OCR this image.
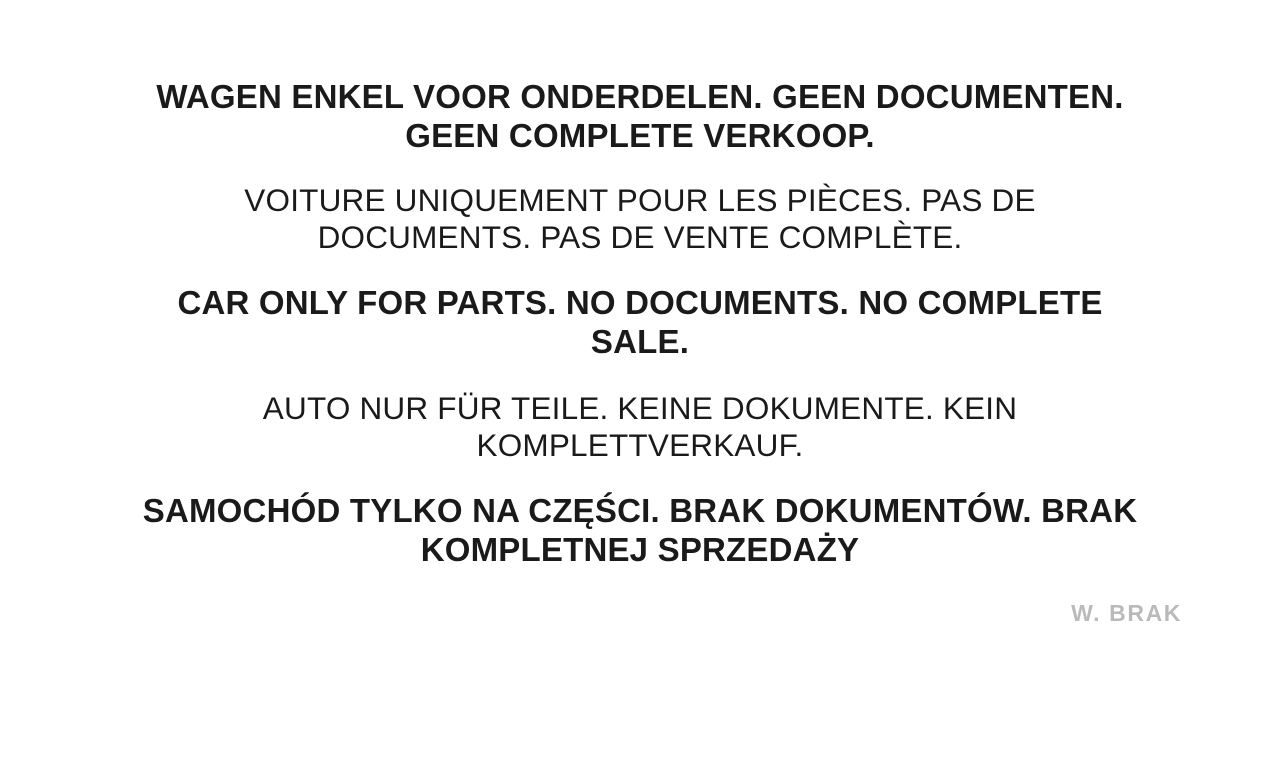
WAGEN ENKEL VOOR ONDERDELEN. GEEN DOCUMENTEN. GEEN COMPLETE VERKOOP.

VOITURE UNIQUEMENT POUR LES PIÈCES. PAS DE DOCUMENTS. PAS DE VENTE COMPLÈTE.

CAR ONLY FOR PARTS. NO DOCUMENTS. NO COMPLETE SALE.

AUTO NUR FÜR TEILE. KEINE DOKUMENTE. KEIN KOMPLETTVERKAUF.

SAMOCHÓD TYLKO NA CZĘŚCI. BRAK DOKUMENTÓW. BRAK KOMPLETNEJ SPRZEDAŻY

W. BRAK
